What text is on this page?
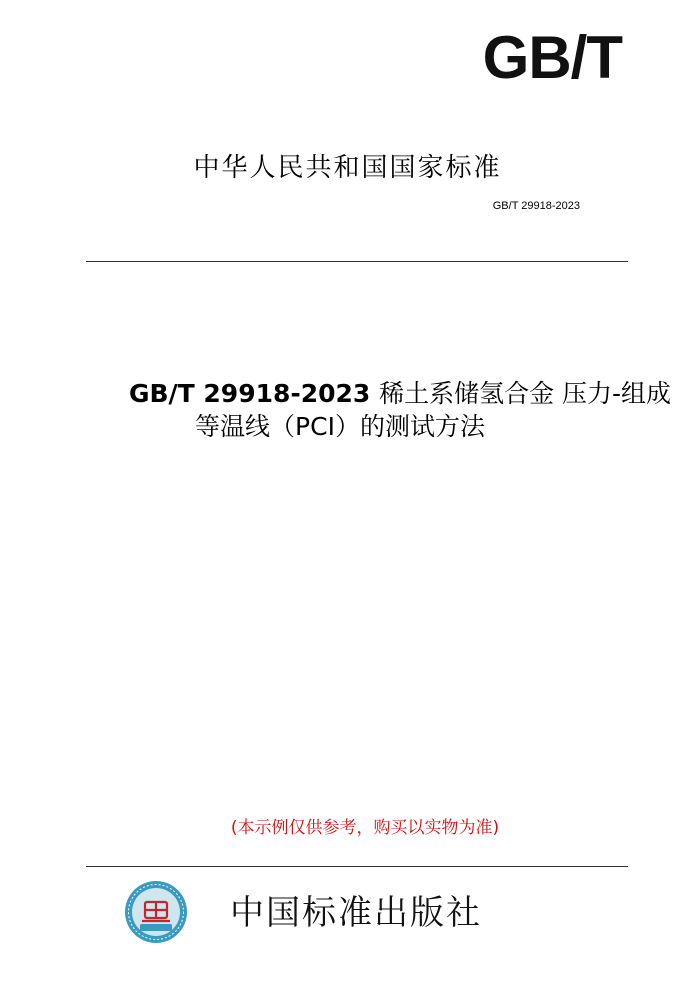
GB/T
中华人民共和国国家标准
GB/T 29918-2023
GB/T 29918-2023 稀土系储氢合金 压力-组成
等温线（PCI）的测试方法
(本示例仅供参考，购买以实物为准)
中国标准出版社
